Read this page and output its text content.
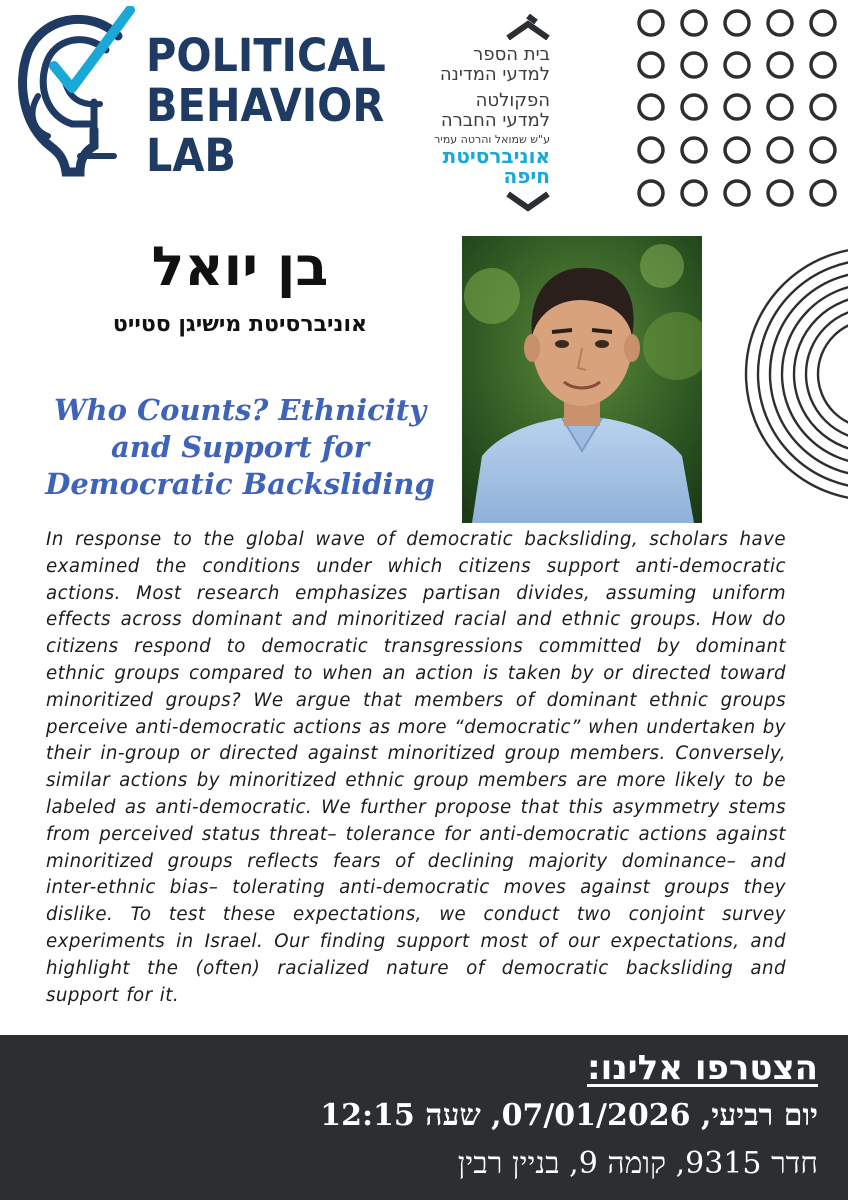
POLITICAL
BEHAVIOR
LAB
בית הספר
למדעי המדינה
הפקולטה
למדעי החברה
ע"ש שמואל והרטה עמיר
אוניברסיטת
חיפה
בן יואל
אוניברסיטת מישיגן סטייט
Who Counts? Ethnicity and Support for Democratic Backsliding
In response to the global wave of democratic backsliding, scholars have examined the conditions under which citizens support anti-democratic actions. Most research emphasizes partisan divides, assuming uniform effects across dominant and minoritized racial and ethnic groups. How do citizens respond to democratic transgressions committed by dominant ethnic groups compared to when an action is taken by or directed toward minoritized groups? We argue that members of dominant ethnic groups perceive anti-democratic actions as more “democratic” when undertaken by their in-group or directed against minoritized group members. Conversely, similar actions by minoritized ethnic group members are more likely to be labeled as anti-democratic. We further propose that this asymmetry stems from perceived status threat– tolerance for anti-democratic actions against minoritized groups reflects fears of declining majority dominance– and inter-ethnic bias– tolerating anti-democratic moves against groups they dislike. To test these expectations, we conduct two conjoint survey experiments in Israel. Our finding support most of our expectations, and highlight the (often) racialized nature of democratic backsliding and support for it.
הצטרפו אלינו:
יום רביעי, 07/01/2026, שעה 12:15
חדר 9315, קומה 9, בניין רבין
